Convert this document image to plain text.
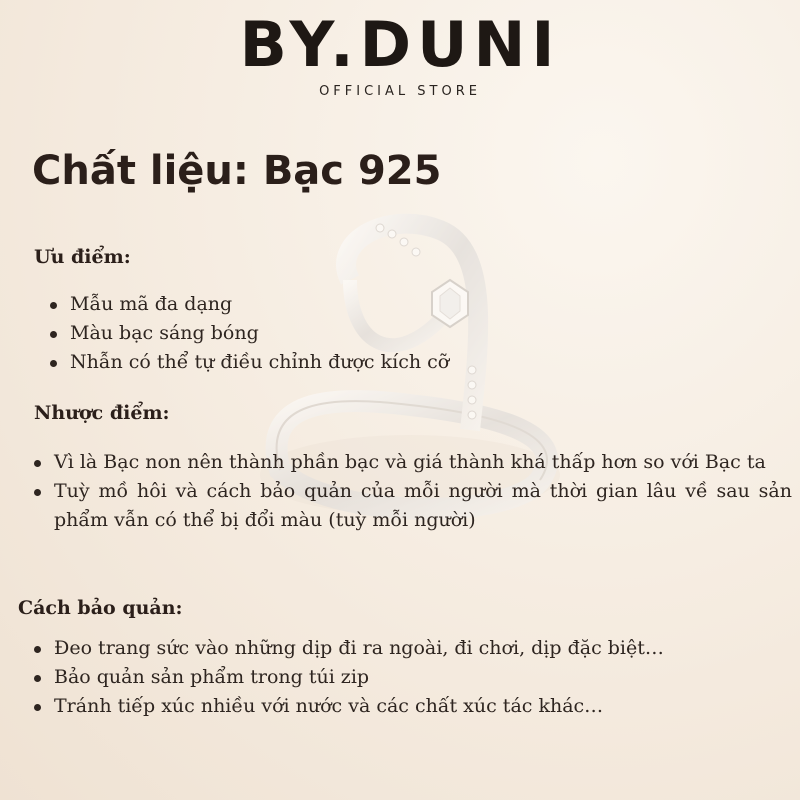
BY.DUNI
OFFICIAL STORE
Chất liệu: Bạc 925
Ưu điểm:
Mẫu mã đa dạng
Màu bạc sáng bóng
Nhẫn có thể tự điều chỉnh được kích cỡ
Nhược điểm:
Vì là Bạc non nên thành phần bạc và giá thành khá thấp hơn so với Bạc ta
Tuỳ mồ hôi và cách bảo quản của mỗi người mà thời gian lâu về sau sản phẩm vẫn có thể bị đổi màu (tuỳ mỗi người)
Cách bảo quản:
Đeo trang sức vào những dịp đi ra ngoài, đi chơi, dịp đặc biệt…
Bảo quản sản phẩm trong túi zip
Tránh tiếp xúc nhiều với nước và các chất xúc tác khác…
